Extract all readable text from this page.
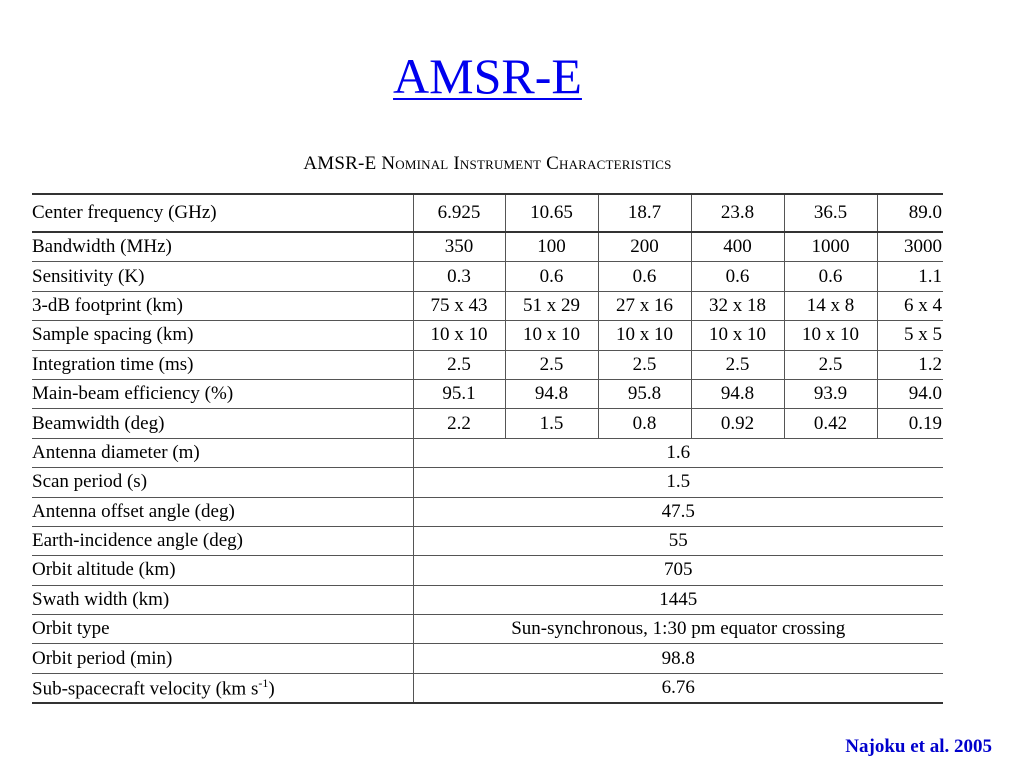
AMSR-E
AMSR-E Nominal Instrument Characteristics
Center frequency (GHz)	6.925	10.65	18.7	23.8	36.5	89.0
Bandwidth (MHz)	350	100	200	400	1000	3000
Sensitivity (K)	0.3	0.6	0.6	0.6	0.6	1.1
3-dB footprint (km)	75 x 43	51 x 29	27 x 16	32 x 18	14 x 8	6 x 4
Sample spacing (km)	10 x 10	10 x 10	10 x 10	10 x 10	10 x 10	5 x 5
Integration time (ms)	2.5	2.5	2.5	2.5	2.5	1.2
Main-beam efficiency (%)	95.1	94.8	95.8	94.8	93.9	94.0
Beamwidth (deg)	2.2	1.5	0.8	0.92	0.42	0.19
Antenna diameter (m)	1.6					
Scan period (s)	1.5					
Antenna offset angle (deg)	47.5					
Earth-incidence angle (deg)	55					
Orbit altitude (km)	705					
Swath width (km)	1445					
Orbit type	Sun-synchronous, 1:30 pm equator crossing					
Orbit period (min)	98.8					
Sub-spacecraft velocity (km $s^{-1}$)	6.76					
Najoku et al. 2005
